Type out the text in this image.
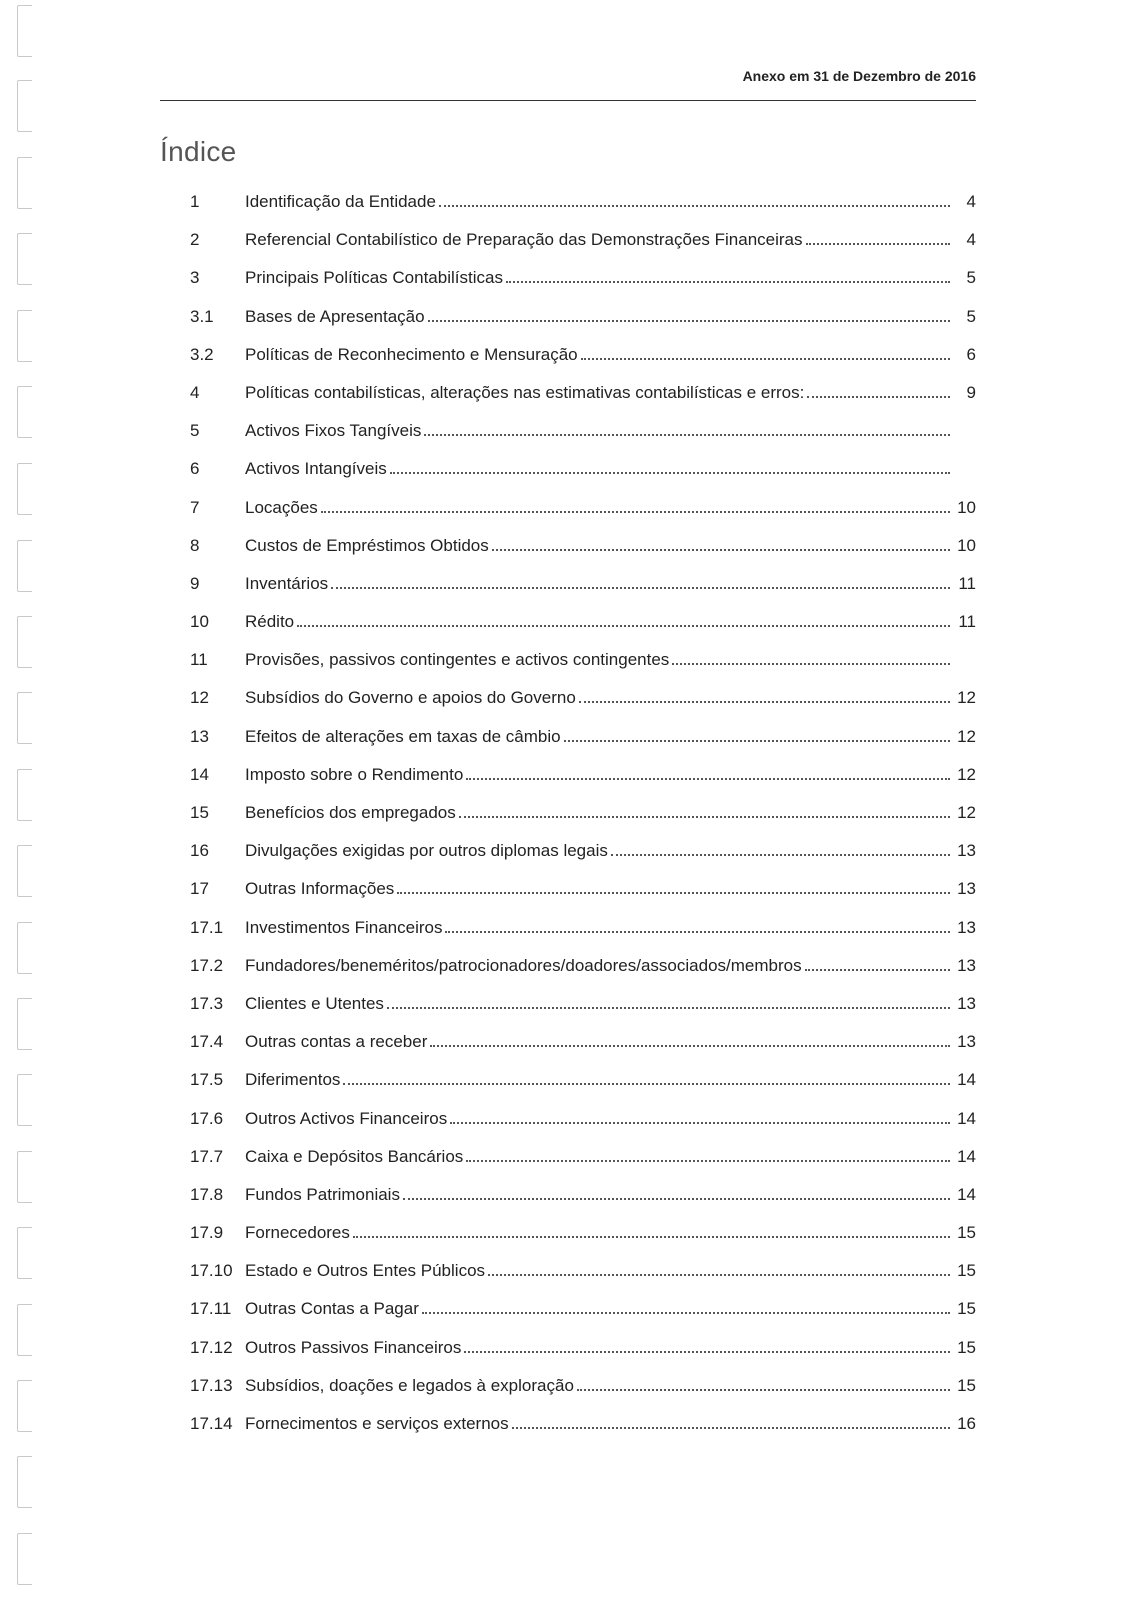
Anexo em 31 de Dezembro de 2016
Índice
1	Identificação da Entidade	4
2	Referencial Contabilístico de Preparação das Demonstrações Financeiras	4
3	Principais Políticas Contabilísticas	5
3.1	Bases de Apresentação	5
3.2	Políticas de Reconhecimento e Mensuração	6
4	Políticas contabilísticas, alterações nas estimativas contabilísticas e erros:	9
5	Activos Fixos Tangíveis
6	Activos Intangíveis
7	Locações	10
8	Custos de Empréstimos Obtidos	10
9	Inventários	11
10	Rédito	11
11	Provisões, passivos contingentes e activos contingentes
12	Subsídios do Governo e apoios do Governo	12
13	Efeitos de alterações em taxas de câmbio	12
14	Imposto sobre o Rendimento	12
15	Benefícios dos empregados	12
16	Divulgações exigidas por outros diplomas legais	13
17	Outras Informações	13
17.1	Investimentos Financeiros	13
17.2	Fundadores/beneméritos/patrocionadores/doadores/associados/membros	13
17.3	Clientes e Utentes	13
17.4	Outras contas a receber	13
17.5	Diferimentos	14
17.6	Outros Activos Financeiros	14
17.7	Caixa e Depósitos Bancários	14
17.8	Fundos Patrimoniais	14
17.9	Fornecedores	15
17.10 Estado e Outros Entes Públicos	15
17.11 Outras Contas a Pagar	15
17.12 Outros Passivos Financeiros	15
17.13 Subsídios, doações e legados à exploração	15
17.14 Fornecimentos e serviços externos	16
